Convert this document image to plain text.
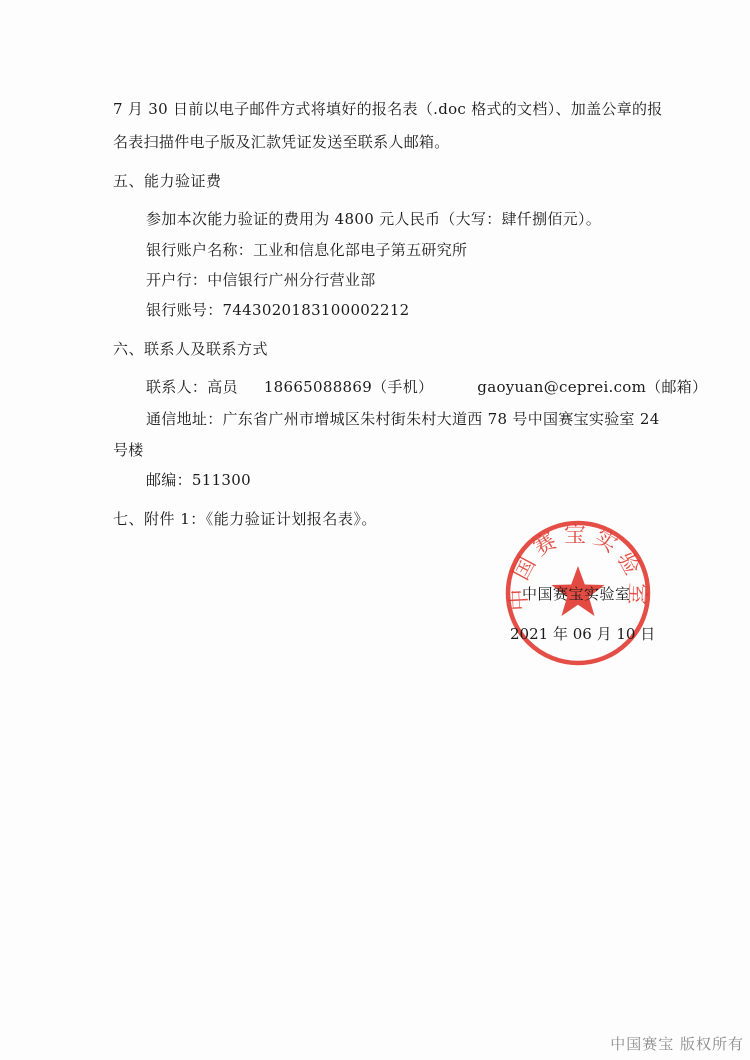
7 月 30 日前以电子邮件方式将填好的报名表（.doc 格式的文档）、加盖公章的报
名表扫描件电子版及汇款凭证发送至联系人邮箱。
五、能力验证费
参加本次能力验证的费用为 4800 元人民币（大写：肆仟捌佰元）。
银行账户名称：工业和信息化部电子第五研究所
开户行：中信银行广州分行营业部
银行账号：7443020183100002212
六、联系人及联系方式
联系人：高员 18665088869（手机）	gaoyuan@ceprei.com（邮箱）
通信地址：广东省广州市增城区朱村街朱村大道西 78 号中国赛宝实验室 24
号楼
邮编：511300
七、附件 1：《能力验证计划报名表》。
中国赛宝实验室
中国赛宝实验室
2021 年 06 月 10 日
中国赛宝 版权所有
